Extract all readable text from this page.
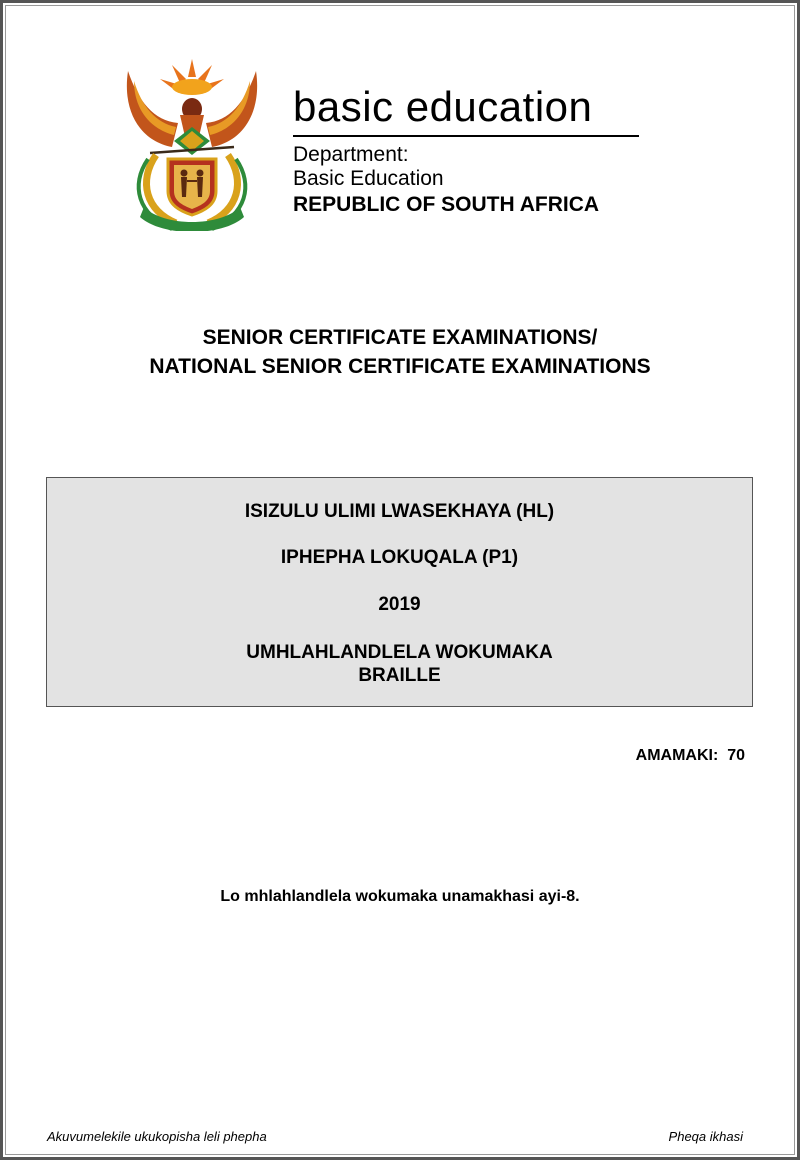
basic education
Department:
Basic Education
REPUBLIC OF SOUTH AFRICA
SENIOR CERTIFICATE EXAMINATIONS/
NATIONAL SENIOR CERTIFICATE EXAMINATIONS
ISIZULU ULIMI LWASEKHAYA (HL)
IPHEPHA LOKUQALA (P1)
2019
UMHLAHLANDLELA WOKUMAKA
BRAILLE
AMAMAKI:  70
Lo mhlahlandlela wokumaka unamakhasi ayi-8.
Akuvumelekile ukukopisha leli phepha	Pheqa ikhasi
